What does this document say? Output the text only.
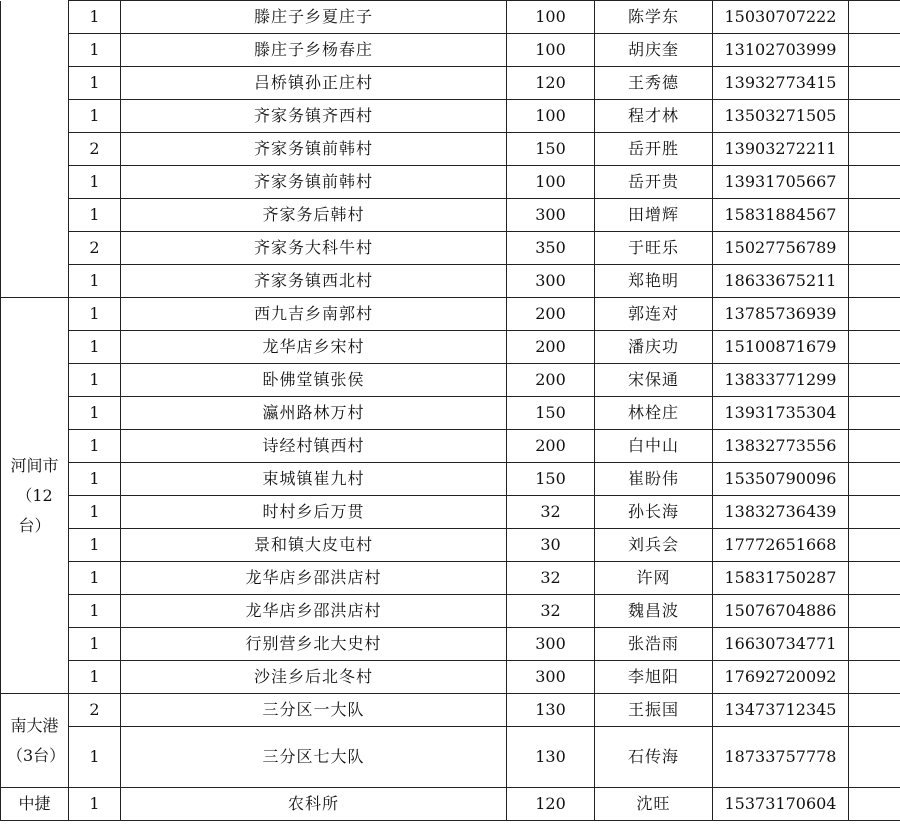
	1	滕庄子乡夏庄子	100	陈学东	15030707222	
	1	滕庄子乡杨春庄	100	胡庆奎	13102703999	
	1	吕桥镇孙正庄村	120	王秀德	13932773415	
	1	齐家务镇齐西村	100	程才林	13503271505	
	2	齐家务镇前韩村	150	岳开胜	13903272211	
	1	齐家务镇前韩村	100	岳开贵	13931705667	
	1	齐家务后韩村	300	田增辉	15831884567	
	2	齐家务大科牛村	350	于旺乐	15027756789	
	1	齐家务镇西北村	300	郑艳明	18633675211	
河间市（12台）	1	西九吉乡南郭村	200	郭连对	13785736939	
	1	龙华店乡宋村	200	潘庆功	15100871679	
	1	卧佛堂镇张侯	200	宋保通	13833771299	
	1	瀛州路林万村	150	林栓庄	13931735304	
	1	诗经村镇西村	200	白中山	13832773556	
	1	束城镇崔九村	150	崔盼伟	15350790096	
	1	时村乡后万贯	32	孙长海	13832736439	
	1	景和镇大皮屯村	30	刘兵会	17772651668	
	1	龙华店乡邵洪店村	32	许网	15831750287	
	1	龙华店乡邵洪店村	32	魏昌波	15076704886	
	1	行别营乡北大史村	300	张浩雨	16630734771	
	1	沙洼乡后北冬村	300	李旭阳	17692720092	
南大港（3台）	2	三分区一大队	130	王振国	13473712345	
	1	三分区七大队	130	石传海	18733757778	
中捷	1	农科所	120	沈旺	15373170604	
